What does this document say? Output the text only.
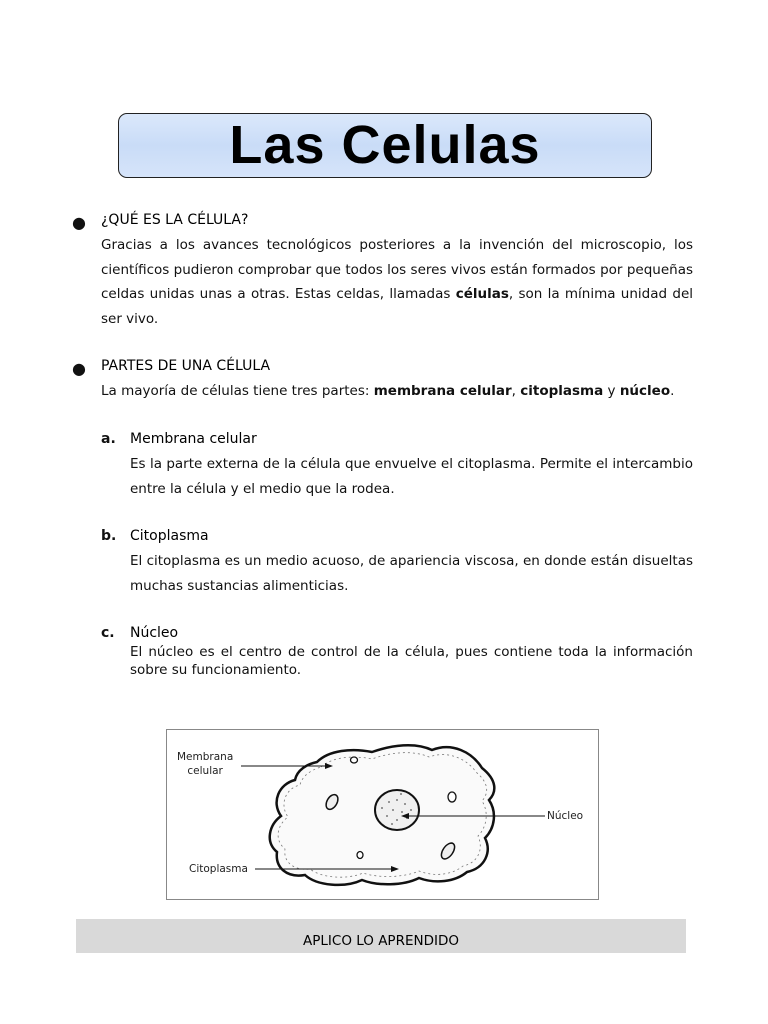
Las Celulas
● ¿QUÉ ES LA CÉLULA?
Gracias a los avances tecnológicos posteriores a la invención del microscopio, los científicos pudieron comprobar que todos los seres vivos están formados por pequeñas celdas unidas unas a otras. Estas celdas, llamadas células, son la mínima unidad del ser vivo.
● PARTES DE UNA CÉLULA
La mayoría de células tiene tres partes: membrana celular, citoplasma y núcleo.
a. Membrana celular
Es la parte externa de la célula que envuelve el citoplasma. Permite el intercambio entre la célula y el medio que la rodea.
b. Citoplasma
El citoplasma es un medio acuoso, de apariencia viscosa, en donde están disueltas muchas sustancias alimenticias.
c. Núcleo
El núcleo es el centro de control de la célula, pues contiene toda la información sobre su funcionamiento.
Membrana
celular
Núcleo
Citoplasma
APLICO LO APRENDIDO
